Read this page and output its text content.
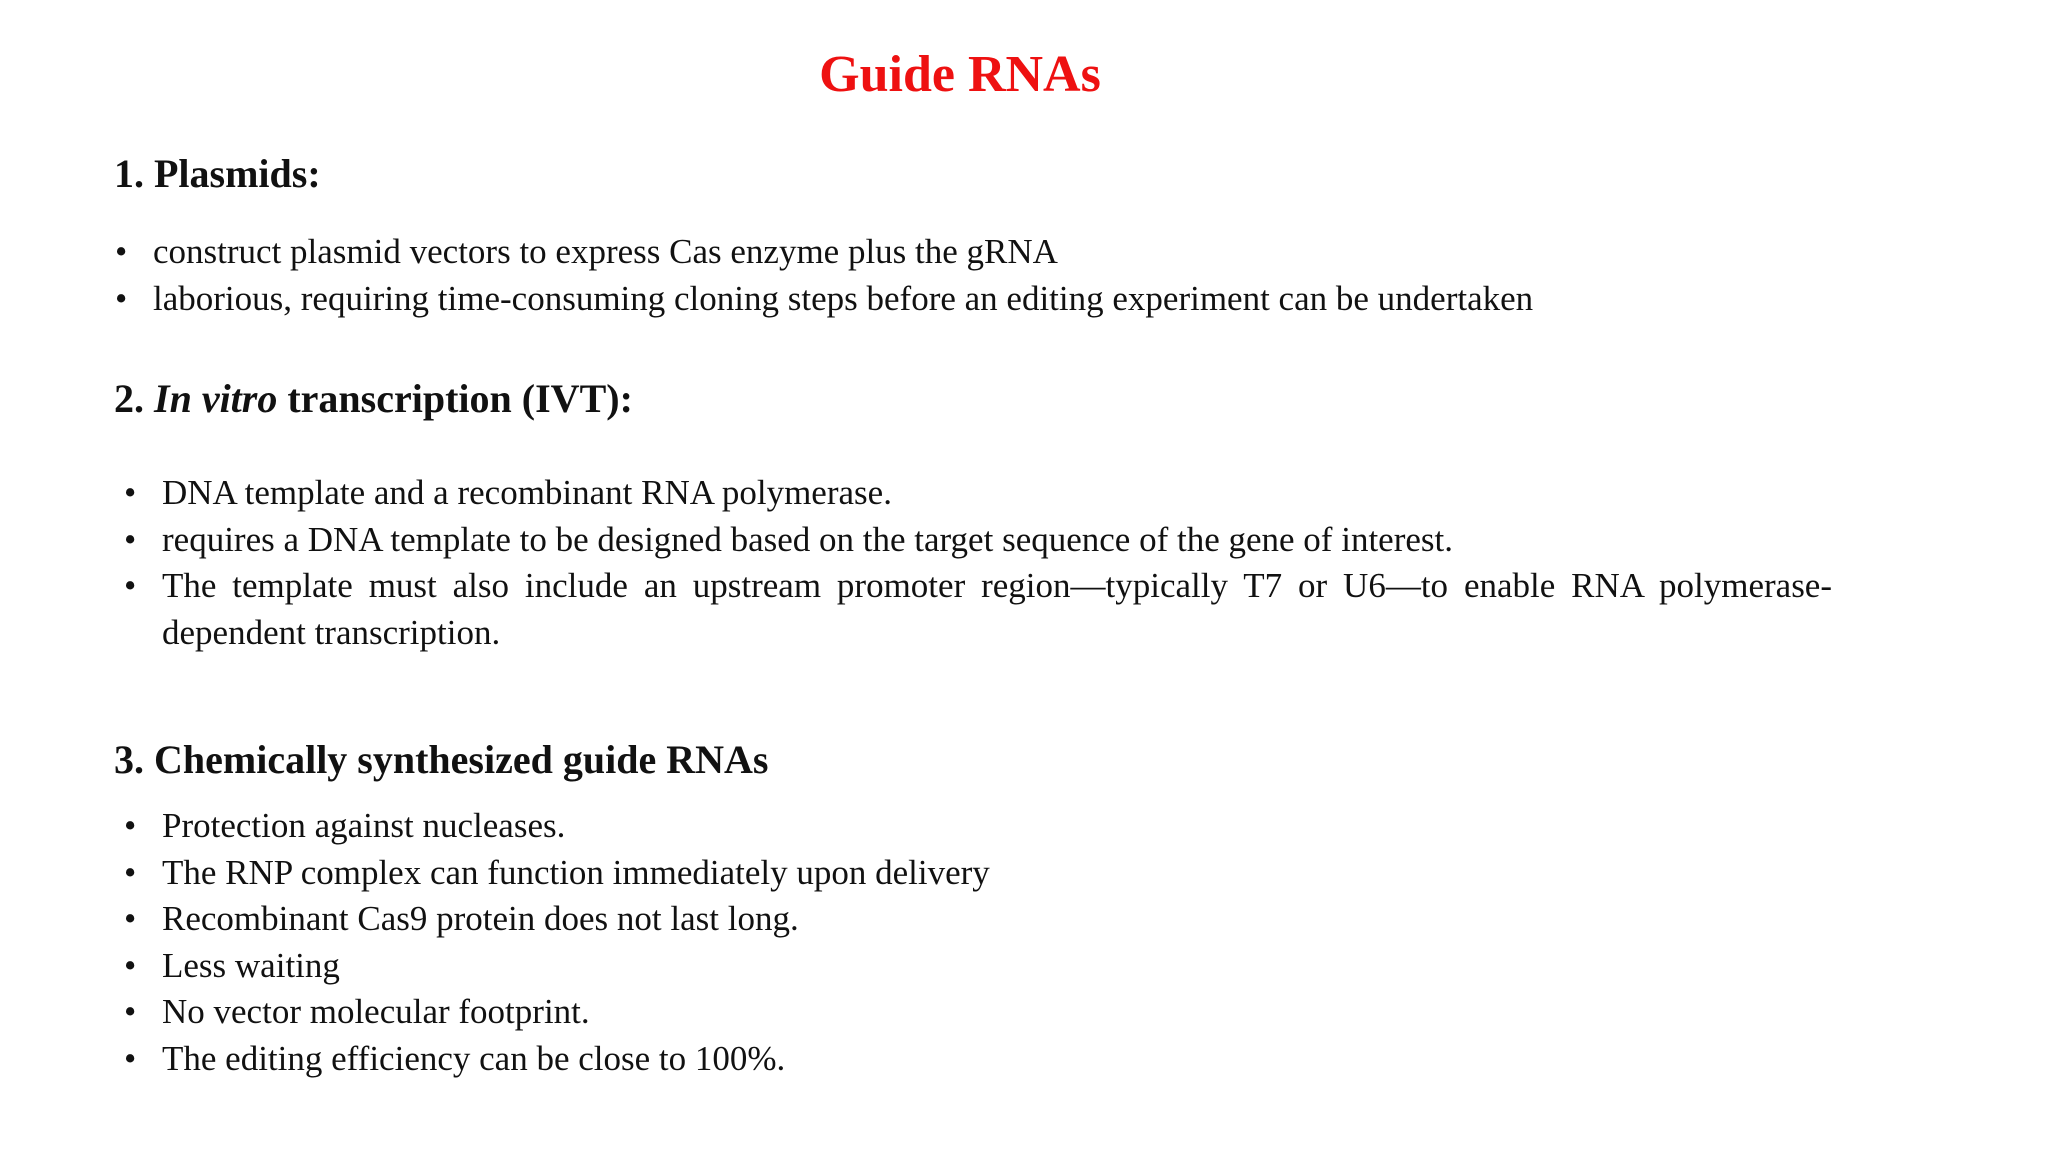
Guide RNAs
1. Plasmids:
• construct plasmid vectors to express Cas enzyme plus the gRNA
• laborious, requiring time-consuming cloning steps before an editing experiment can be undertaken
2. In vitro transcription (IVT):
• DNA template and a recombinant RNA polymerase.
• requires a DNA template to be designed based on the target sequence of the gene of interest.
• The template must also include an upstream promoter region—typically T7 or U6—to enable RNA polymerase-dependent transcription.
3. Chemically synthesized guide RNAs
• Protection against nucleases.
• The RNP complex can function immediately upon delivery
• Recombinant Cas9 protein does not last long.
• Less waiting
• No vector molecular footprint.
• The editing efficiency can be close to 100%.
